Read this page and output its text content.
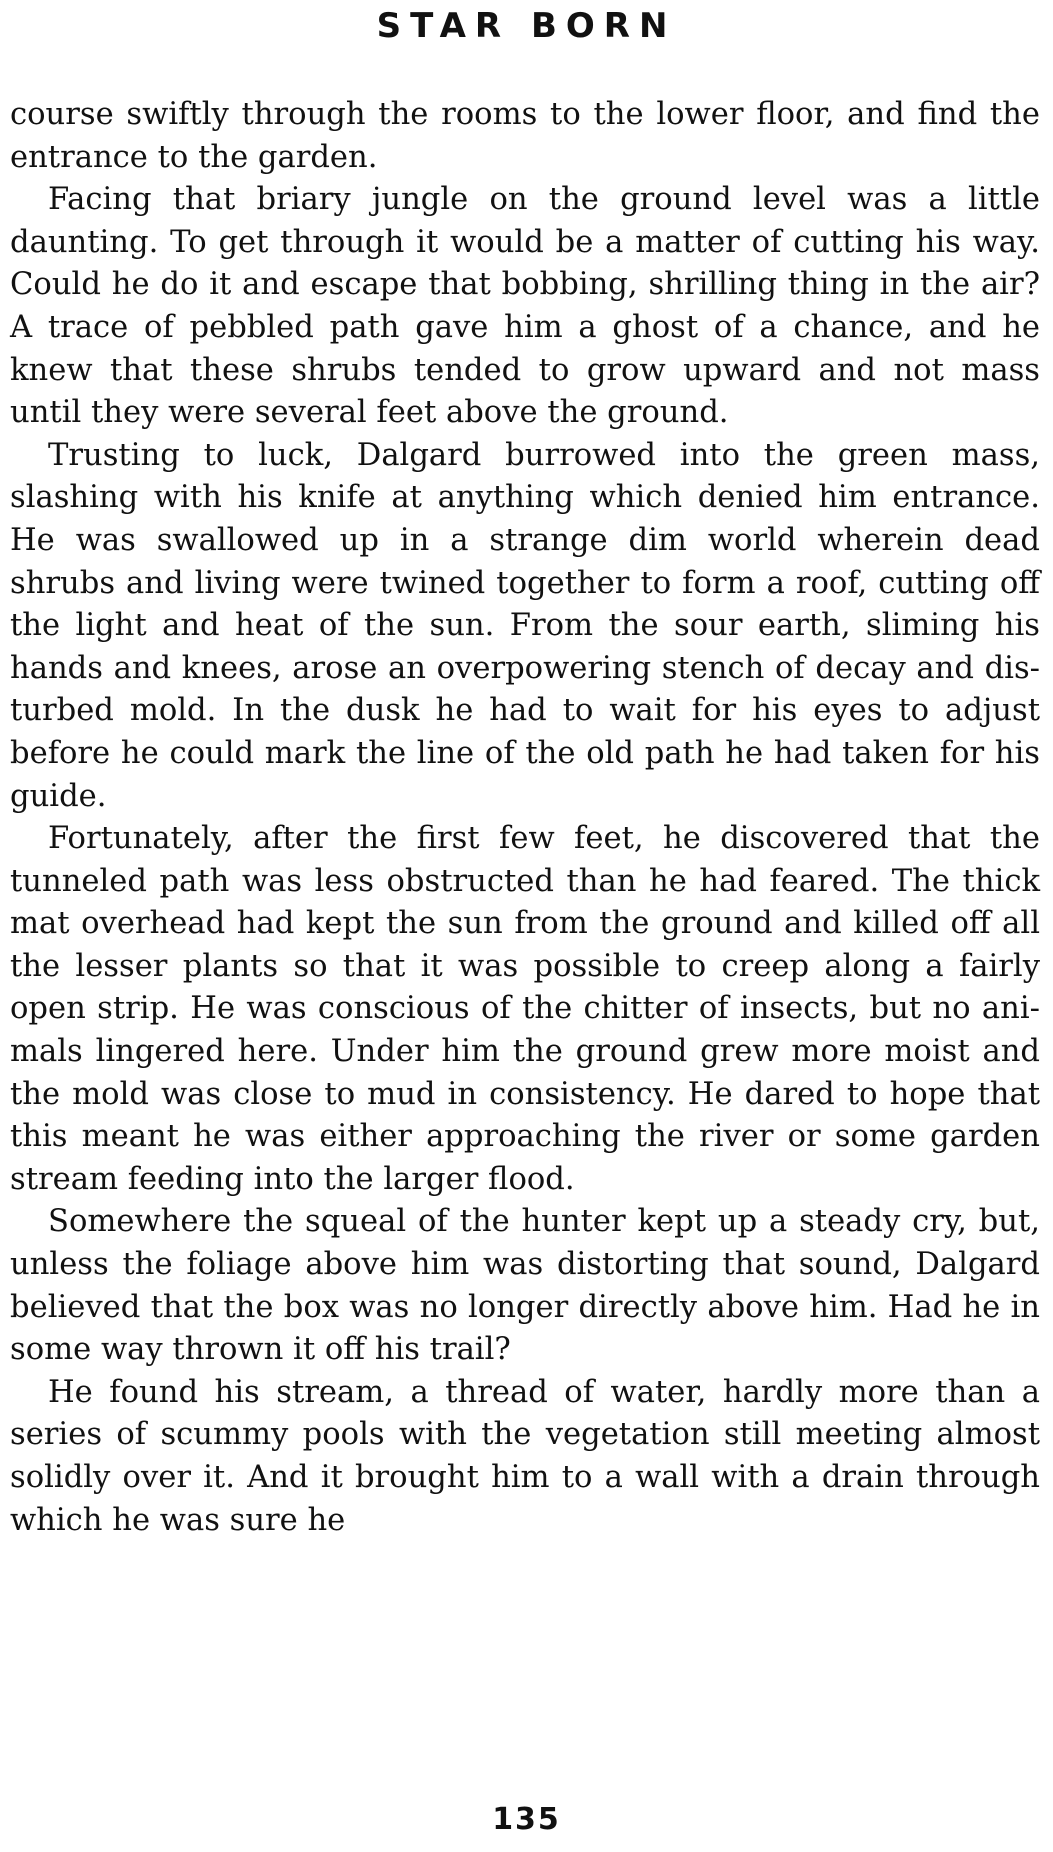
STAR BORN

course swiftly through the rooms to the lower floor, and find the entrance to the garden.

Facing that briary jungle on the ground level was a little daunting. To get through it would be a matter of cutting his way. Could he do it and escape that bobbing, shrilling thing in the air? A trace of pebbled path gave him a ghost of a chance, and he knew that these shrubs tended to grow upward and not mass until they were several feet above the ground.

Trusting to luck, Dalgard burrowed into the green mass, slashing with his knife at anything which denied him entrance. He was swallowed up in a strange dim world wherein dead shrubs and living were twined together to form a roof, cutting off the light and heat of the sun. From the sour earth, sliming his hands and knees, arose an overpowering stench of decay and disturbed mold. In the dusk he had to wait for his eyes to adjust before he could mark the line of the old path he had taken for his guide.

Fortunately, after the first few feet, he discovered that the tunneled path was less obstructed than he had feared. The thick mat overhead had kept the sun from the ground and killed off all the lesser plants so that it was possible to creep along a fairly open strip. He was conscious of the chitter of insects, but no animals lingered here. Under him the ground grew more moist and the mold was close to mud in consistency. He dared to hope that this meant he was either approaching the river or some garden stream feeding into the larger flood.

Somewhere the squeal of the hunter kept up a steady cry, but, unless the foliage above him was distorting that sound, Dalgard believed that the box was no longer directly above him. Had he in some way thrown it off his trail?

He found his stream, a thread of water, hardly more than a series of scummy pools with the vegetation still meeting almost solidly over it. And it brought him to a wall with a drain through which he was sure he

135
